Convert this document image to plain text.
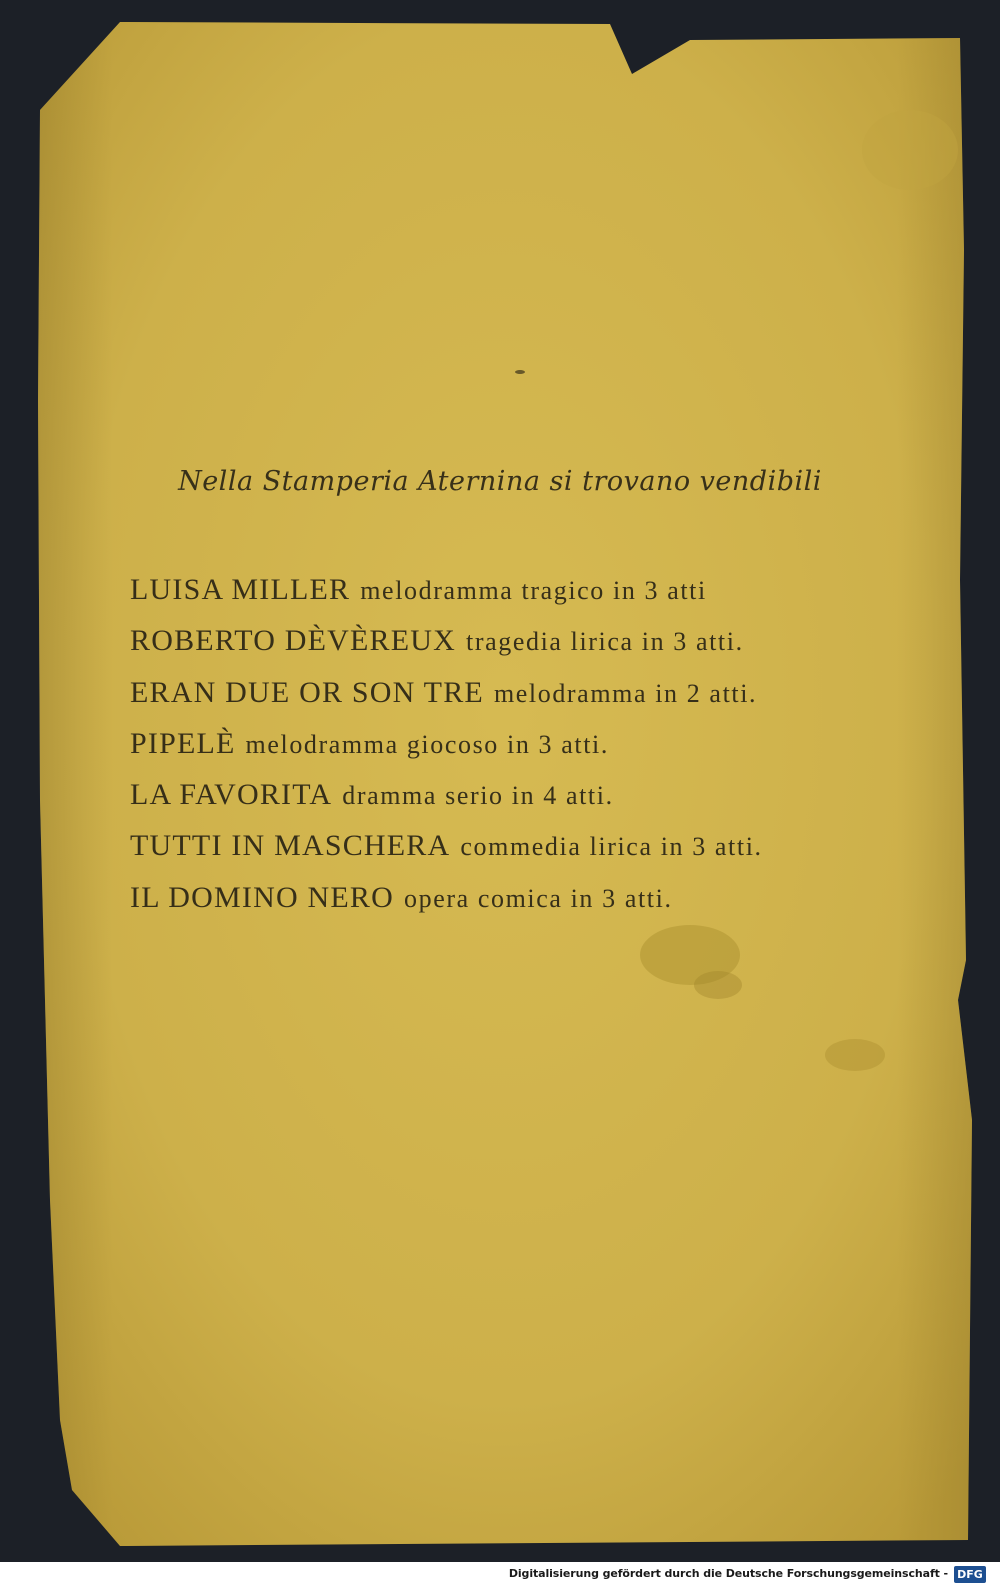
Nella Stamperia Aternina si trovano vendibili
LUISA MILLER melodramma tragico in 3 atti
ROBERTO DÈVÈREUX tragedia lirica in 3 atti.
ERAN DUE OR SON TRE melodramma in 2 atti.
PIPELÈ melodramma giocoso in 3 atti.
LA FAVORITA dramma serio in 4 atti.
TUTTI IN MASCHERA commedia lirica in 3 atti.
IL DOMINO NERO opera comica in 3 atti.
Digitalisierung gefördert durch die Deutsche Forschungsgemeinschaft - DFG
